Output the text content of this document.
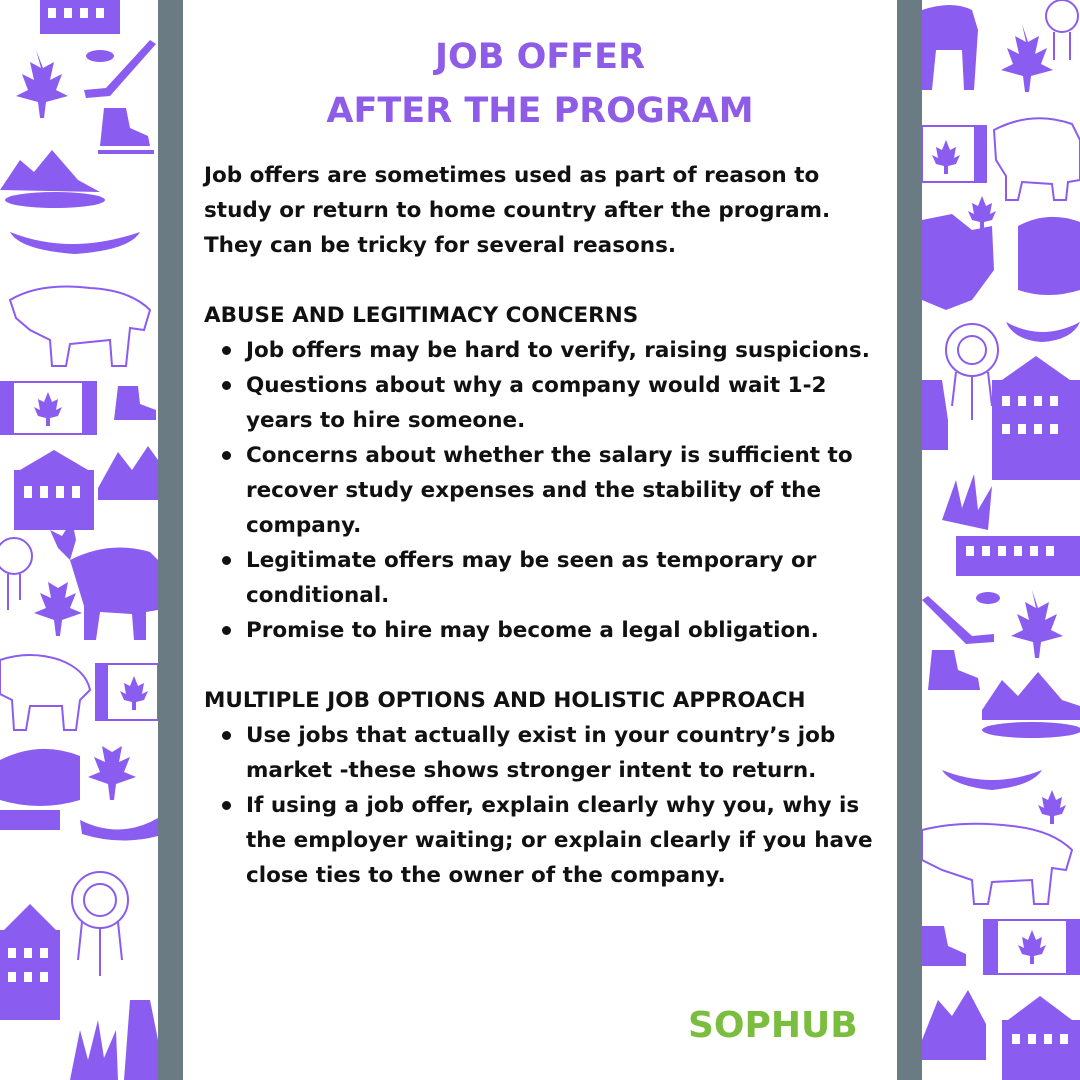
JOB OFFER
AFTER THE PROGRAM

Job offers are sometimes used as part of reason to study or return to home country after the program. They can be tricky for several reasons.

ABUSE AND LEGITIMACY CONCERNS

Job offers may be hard to verify, raising suspicions.
Questions about why a company would wait 1-2 years to hire someone.
Concerns about whether the salary is sufficient to recover study expenses and the stability of the company.
Legitimate offers may be seen as temporary or conditional.
Promise to hire may become a legal obligation.

MULTIPLE JOB OPTIONS AND HOLISTIC APPROACH

Use jobs that actually exist in your country’s job market -these shows stronger intent to return.
If using a job offer, explain clearly why you, why is the employer waiting; or explain clearly if you have close ties to the owner of the company.
SOPHUB
